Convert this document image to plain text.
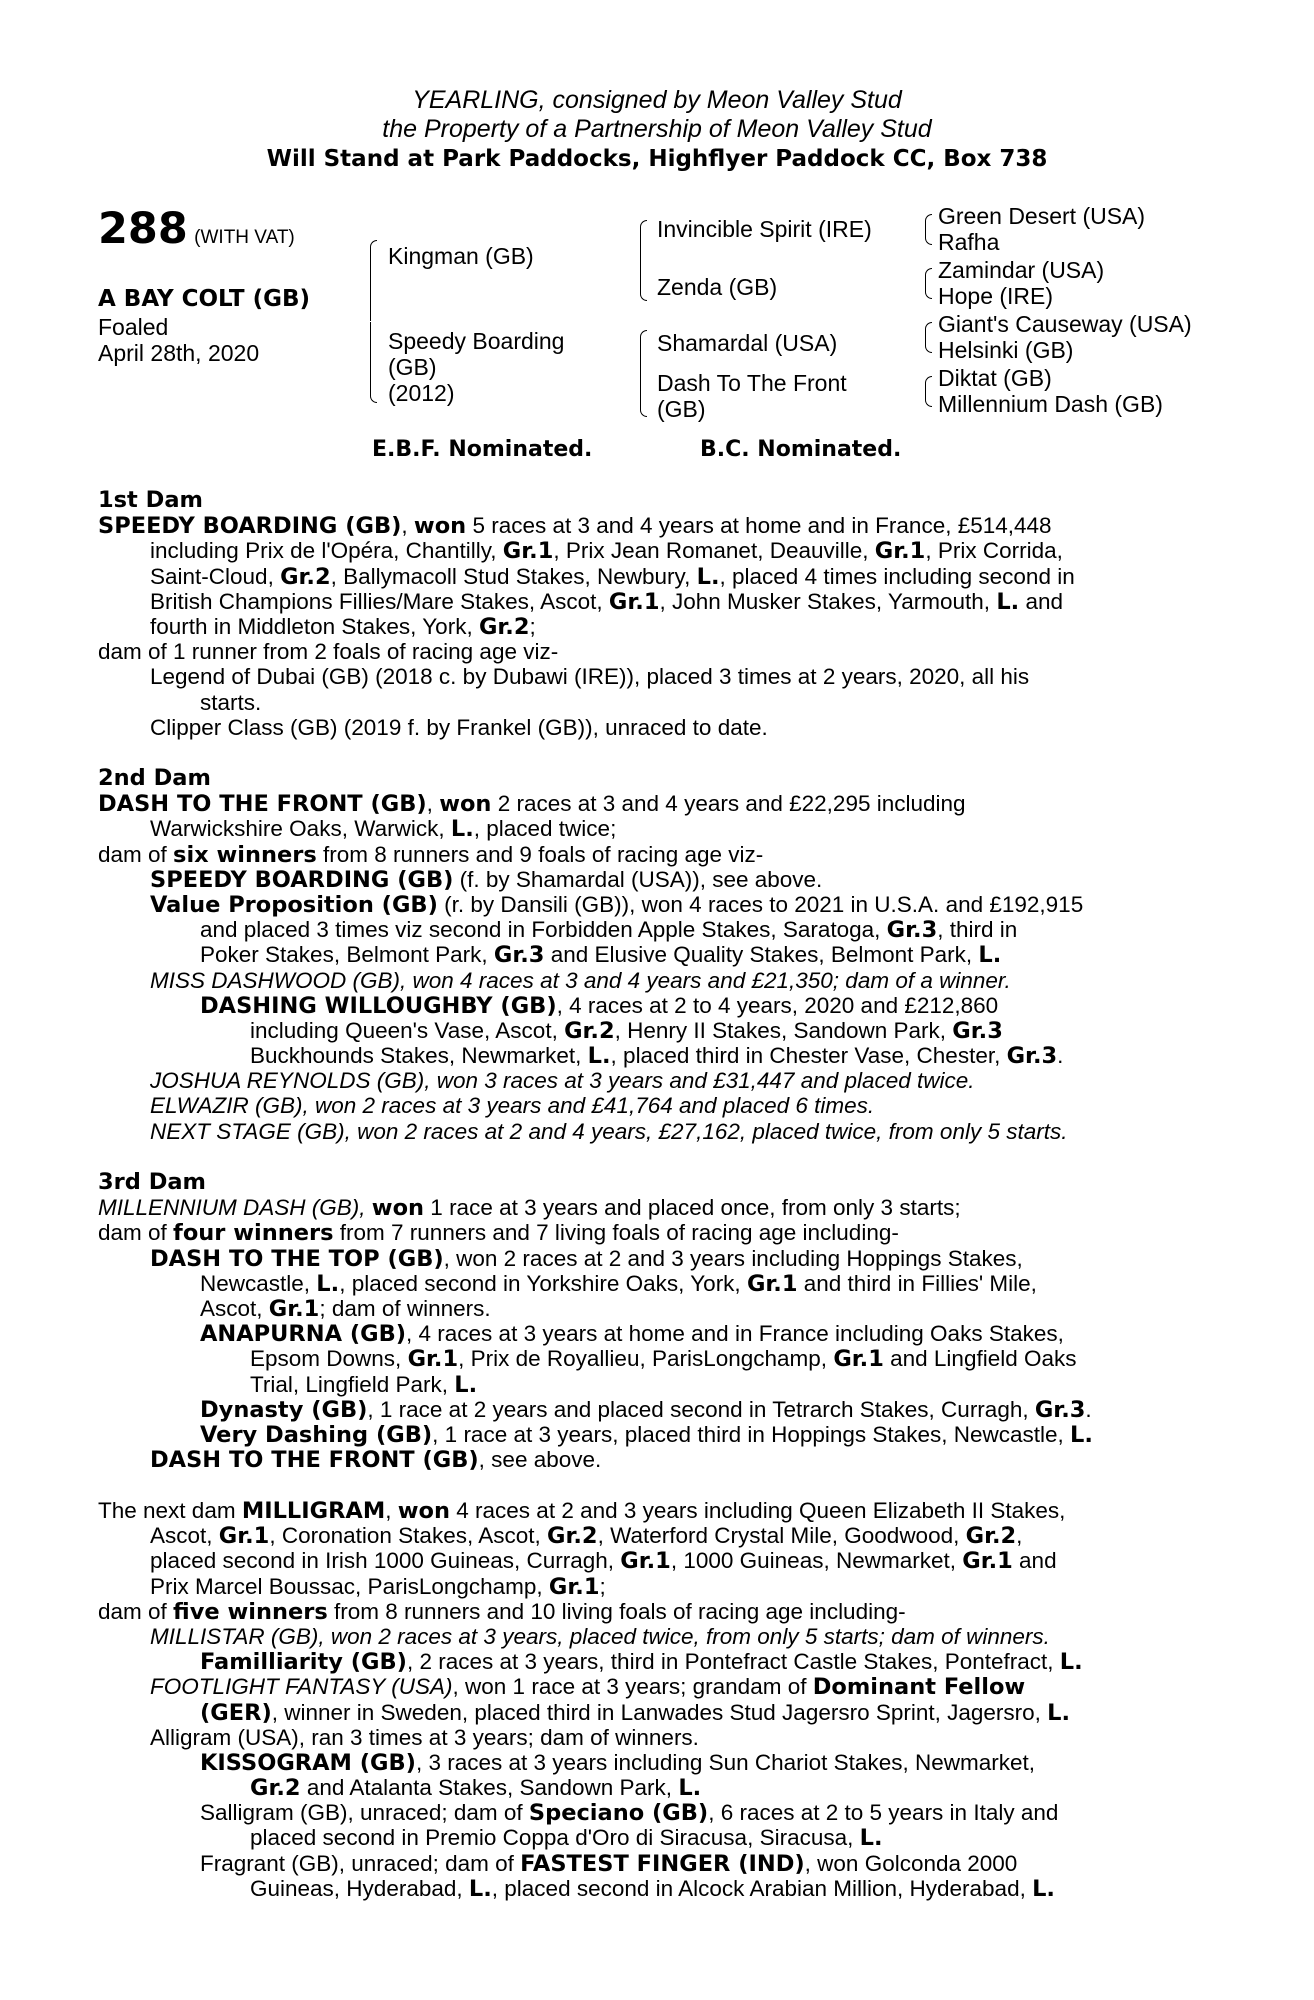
YEARLING, consigned by Meon Valley Stud
the Property of a Partnership of Meon Valley Stud
Will Stand at Park Paddocks, Highflyer Paddock CC, Box 738
288 (WITH VAT)
A BAY COLT (GB)
Foaled
April 28th, 2020
Kingman (GB)
Speedy Boarding
(GB)
(2012)
Invincible Spirit (IRE)
Zenda (GB)
Shamardal (USA)
Dash To The Front
(GB)
Green Desert (USA)
Rafha
Zamindar (USA)
Hope (IRE)
Giant's Causeway (USA)
Helsinki (GB)
Diktat (GB)
Millennium Dash (GB)
E.B.F. Nominated.	B.C. Nominated.
1st Dam
SPEEDY BOARDING (GB), won 5 races at 3 and 4 years at home and in France, £514,448
including Prix de l'Opéra, Chantilly, Gr.1, Prix Jean Romanet, Deauville, Gr.1, Prix Corrida,
Saint-Cloud, Gr.2, Ballymacoll Stud Stakes, Newbury, L., placed 4 times including second in
British Champions Fillies/Mare Stakes, Ascot, Gr.1, John Musker Stakes, Yarmouth, L. and
fourth in Middleton Stakes, York, Gr.2;
dam of 1 runner from 2 foals of racing age viz-
Legend of Dubai (GB) (2018 c. by Dubawi (IRE)), placed 3 times at 2 years, 2020, all his
starts.
Clipper Class (GB) (2019 f. by Frankel (GB)), unraced to date.
2nd Dam
DASH TO THE FRONT (GB), won 2 races at 3 and 4 years and £22,295 including
Warwickshire Oaks, Warwick, L., placed twice;
dam of six winners from 8 runners and 9 foals of racing age viz-
SPEEDY BOARDING (GB) (f. by Shamardal (USA)), see above.
Value Proposition (GB) (r. by Dansili (GB)), won 4 races to 2021 in U.S.A. and £192,915
and placed 3 times viz second in Forbidden Apple Stakes, Saratoga, Gr.3, third in
Poker Stakes, Belmont Park, Gr.3 and Elusive Quality Stakes, Belmont Park, L.
MISS DASHWOOD (GB), won 4 races at 3 and 4 years and £21,350; dam of a winner.
DASHING WILLOUGHBY (GB), 4 races at 2 to 4 years, 2020 and £212,860
including Queen's Vase, Ascot, Gr.2, Henry II Stakes, Sandown Park, Gr.3
Buckhounds Stakes, Newmarket, L., placed third in Chester Vase, Chester, Gr.3.
JOSHUA REYNOLDS (GB), won 3 races at 3 years and £31,447 and placed twice.
ELWAZIR (GB), won 2 races at 3 years and £41,764 and placed 6 times.
NEXT STAGE (GB), won 2 races at 2 and 4 years, £27,162, placed twice, from only 5 starts.
3rd Dam
MILLENNIUM DASH (GB), won 1 race at 3 years and placed once, from only 3 starts;
dam of four winners from 7 runners and 7 living foals of racing age including-
DASH TO THE TOP (GB), won 2 races at 2 and 3 years including Hoppings Stakes,
Newcastle, L., placed second in Yorkshire Oaks, York, Gr.1 and third in Fillies' Mile,
Ascot, Gr.1; dam of winners.
ANAPURNA (GB), 4 races at 3 years at home and in France including Oaks Stakes,
Epsom Downs, Gr.1, Prix de Royallieu, ParisLongchamp, Gr.1 and Lingfield Oaks
Trial, Lingfield Park, L.
Dynasty (GB), 1 race at 2 years and placed second in Tetrarch Stakes, Curragh, Gr.3.
Very Dashing (GB), 1 race at 3 years, placed third in Hoppings Stakes, Newcastle, L.
DASH TO THE FRONT (GB), see above.
The next dam MILLIGRAM, won 4 races at 2 and 3 years including Queen Elizabeth II Stakes,
Ascot, Gr.1, Coronation Stakes, Ascot, Gr.2, Waterford Crystal Mile, Goodwood, Gr.2,
placed second in Irish 1000 Guineas, Curragh, Gr.1, 1000 Guineas, Newmarket, Gr.1 and
Prix Marcel Boussac, ParisLongchamp, Gr.1;
dam of five winners from 8 runners and 10 living foals of racing age including-
MILLISTAR (GB), won 2 races at 3 years, placed twice, from only 5 starts; dam of winners.
Familliarity (GB), 2 races at 3 years, third in Pontefract Castle Stakes, Pontefract, L.
FOOTLIGHT FANTASY (USA), won 1 race at 3 years; grandam of Dominant Fellow
(GER), winner in Sweden, placed third in Lanwades Stud Jagersro Sprint, Jagersro, L.
Alligram (USA), ran 3 times at 3 years; dam of winners.
KISSOGRAM (GB), 3 races at 3 years including Sun Chariot Stakes, Newmarket,
Gr.2 and Atalanta Stakes, Sandown Park, L.
Salligram (GB), unraced; dam of Speciano (GB), 6 races at 2 to 5 years in Italy and
placed second in Premio Coppa d'Oro di Siracusa, Siracusa, L.
Fragrant (GB), unraced; dam of FASTEST FINGER (IND), won Golconda 2000
Guineas, Hyderabad, L., placed second in Alcock Arabian Million, Hyderabad, L.
